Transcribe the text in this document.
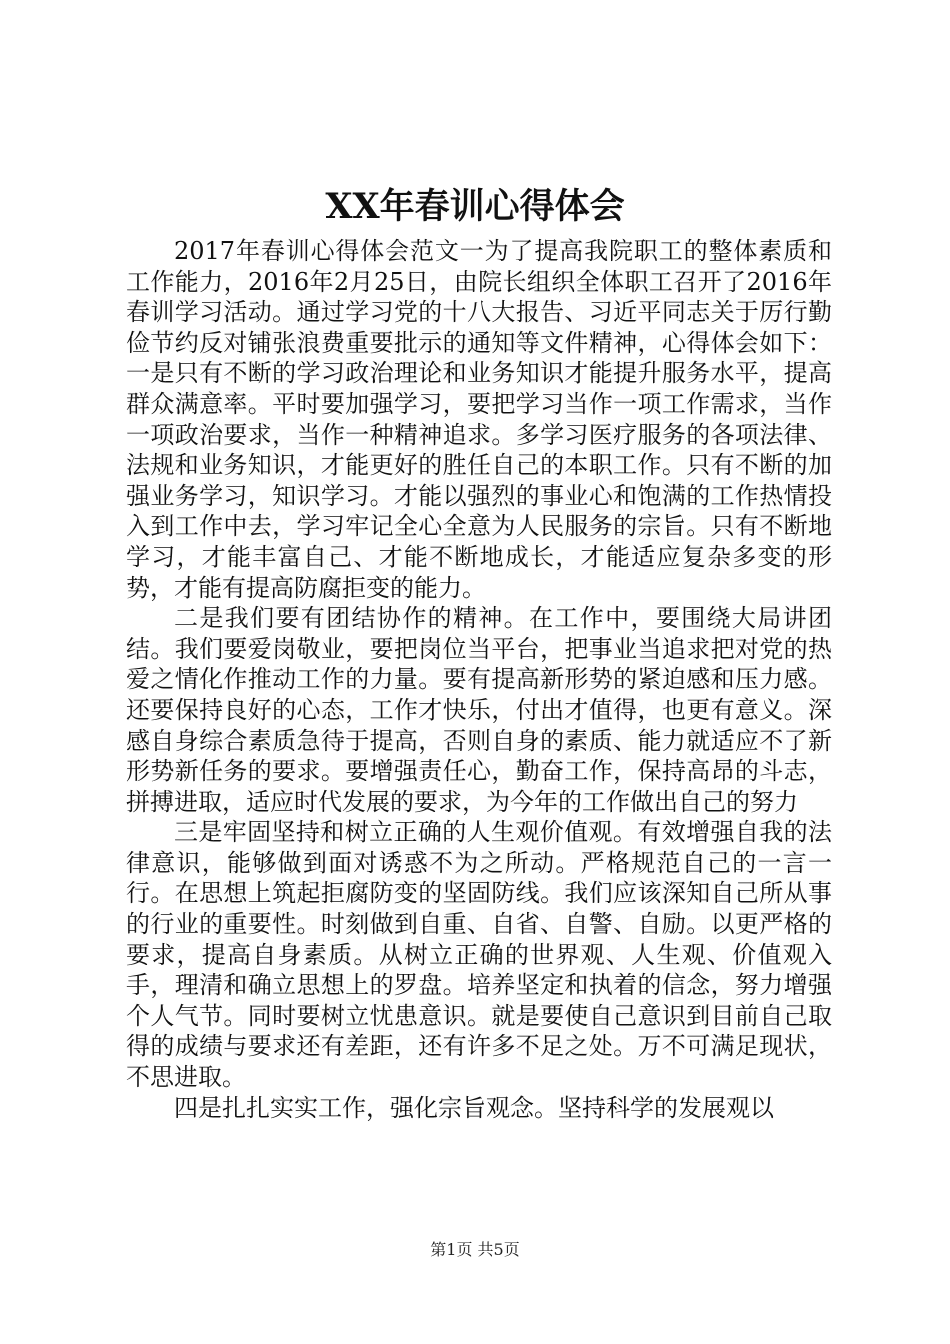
XX年春训心得体会

2017年春训心得体会范文一为了提高我院职工的整体素质和工作能力，2016年2月25日，由院长组织全体职工召开了2016年春训学习活动。通过学习党的十八大报告、习近平同志关于厉行勤俭节约反对铺张浪费重要批示的通知等文件精神，心得体会如下：一是只有不断的学习政治理论和业务知识才能提升服务水平，提高群众满意率。平时要加强学习，要把学习当作一项工作需求，当作一项政治要求，当作一种精神追求。多学习医疗服务的各项法律、法规和业务知识，才能更好的胜任自己的本职工作。只有不断的加强业务学习，知识学习。才能以强烈的事业心和饱满的工作热情投入到工作中去，学习牢记全心全意为人民服务的宗旨。只有不断地学习，才能丰富自己、才能不断地成长，才能适应复杂多变的形势，才能有提高防腐拒变的能力。

二是我们要有团结协作的精神。在工作中，要围绕大局讲团结。我们要爱岗敬业，要把岗位当平台，把事业当追求把对党的热爱之情化作推动工作的力量。要有提高新形势的紧迫感和压力感。还要保持良好的心态，工作才快乐，付出才值得，也更有意义。深感自身综合素质急待于提高，否则自身的素质、能力就适应不了新形势新任务的要求。要增强责任心，勤奋工作，保持高昂的斗志，拼搏进取，适应时代发展的要求，为今年的工作做出自己的努力

三是牢固坚持和树立正确的人生观价值观。有效增强自我的法律意识，能够做到面对诱惑不为之所动。严格规范自己的一言一行。在思想上筑起拒腐防变的坚固防线。我们应该深知自己所从事的行业的重要性。时刻做到自重、自省、自警、自励。以更严格的要求，提高自身素质。从树立正确的世界观、人生观、价值观入手，理清和确立思想上的罗盘。培养坚定和执着的信念，努力增强个人气节。同时要树立忧患意识。就是要使自己意识到目前自己取得的成绩与要求还有差距，还有许多不足之处。万不可满足现状，不思进取。

四是扎扎实实工作，强化宗旨观念。坚持科学的发展观以

第1页 共5页
